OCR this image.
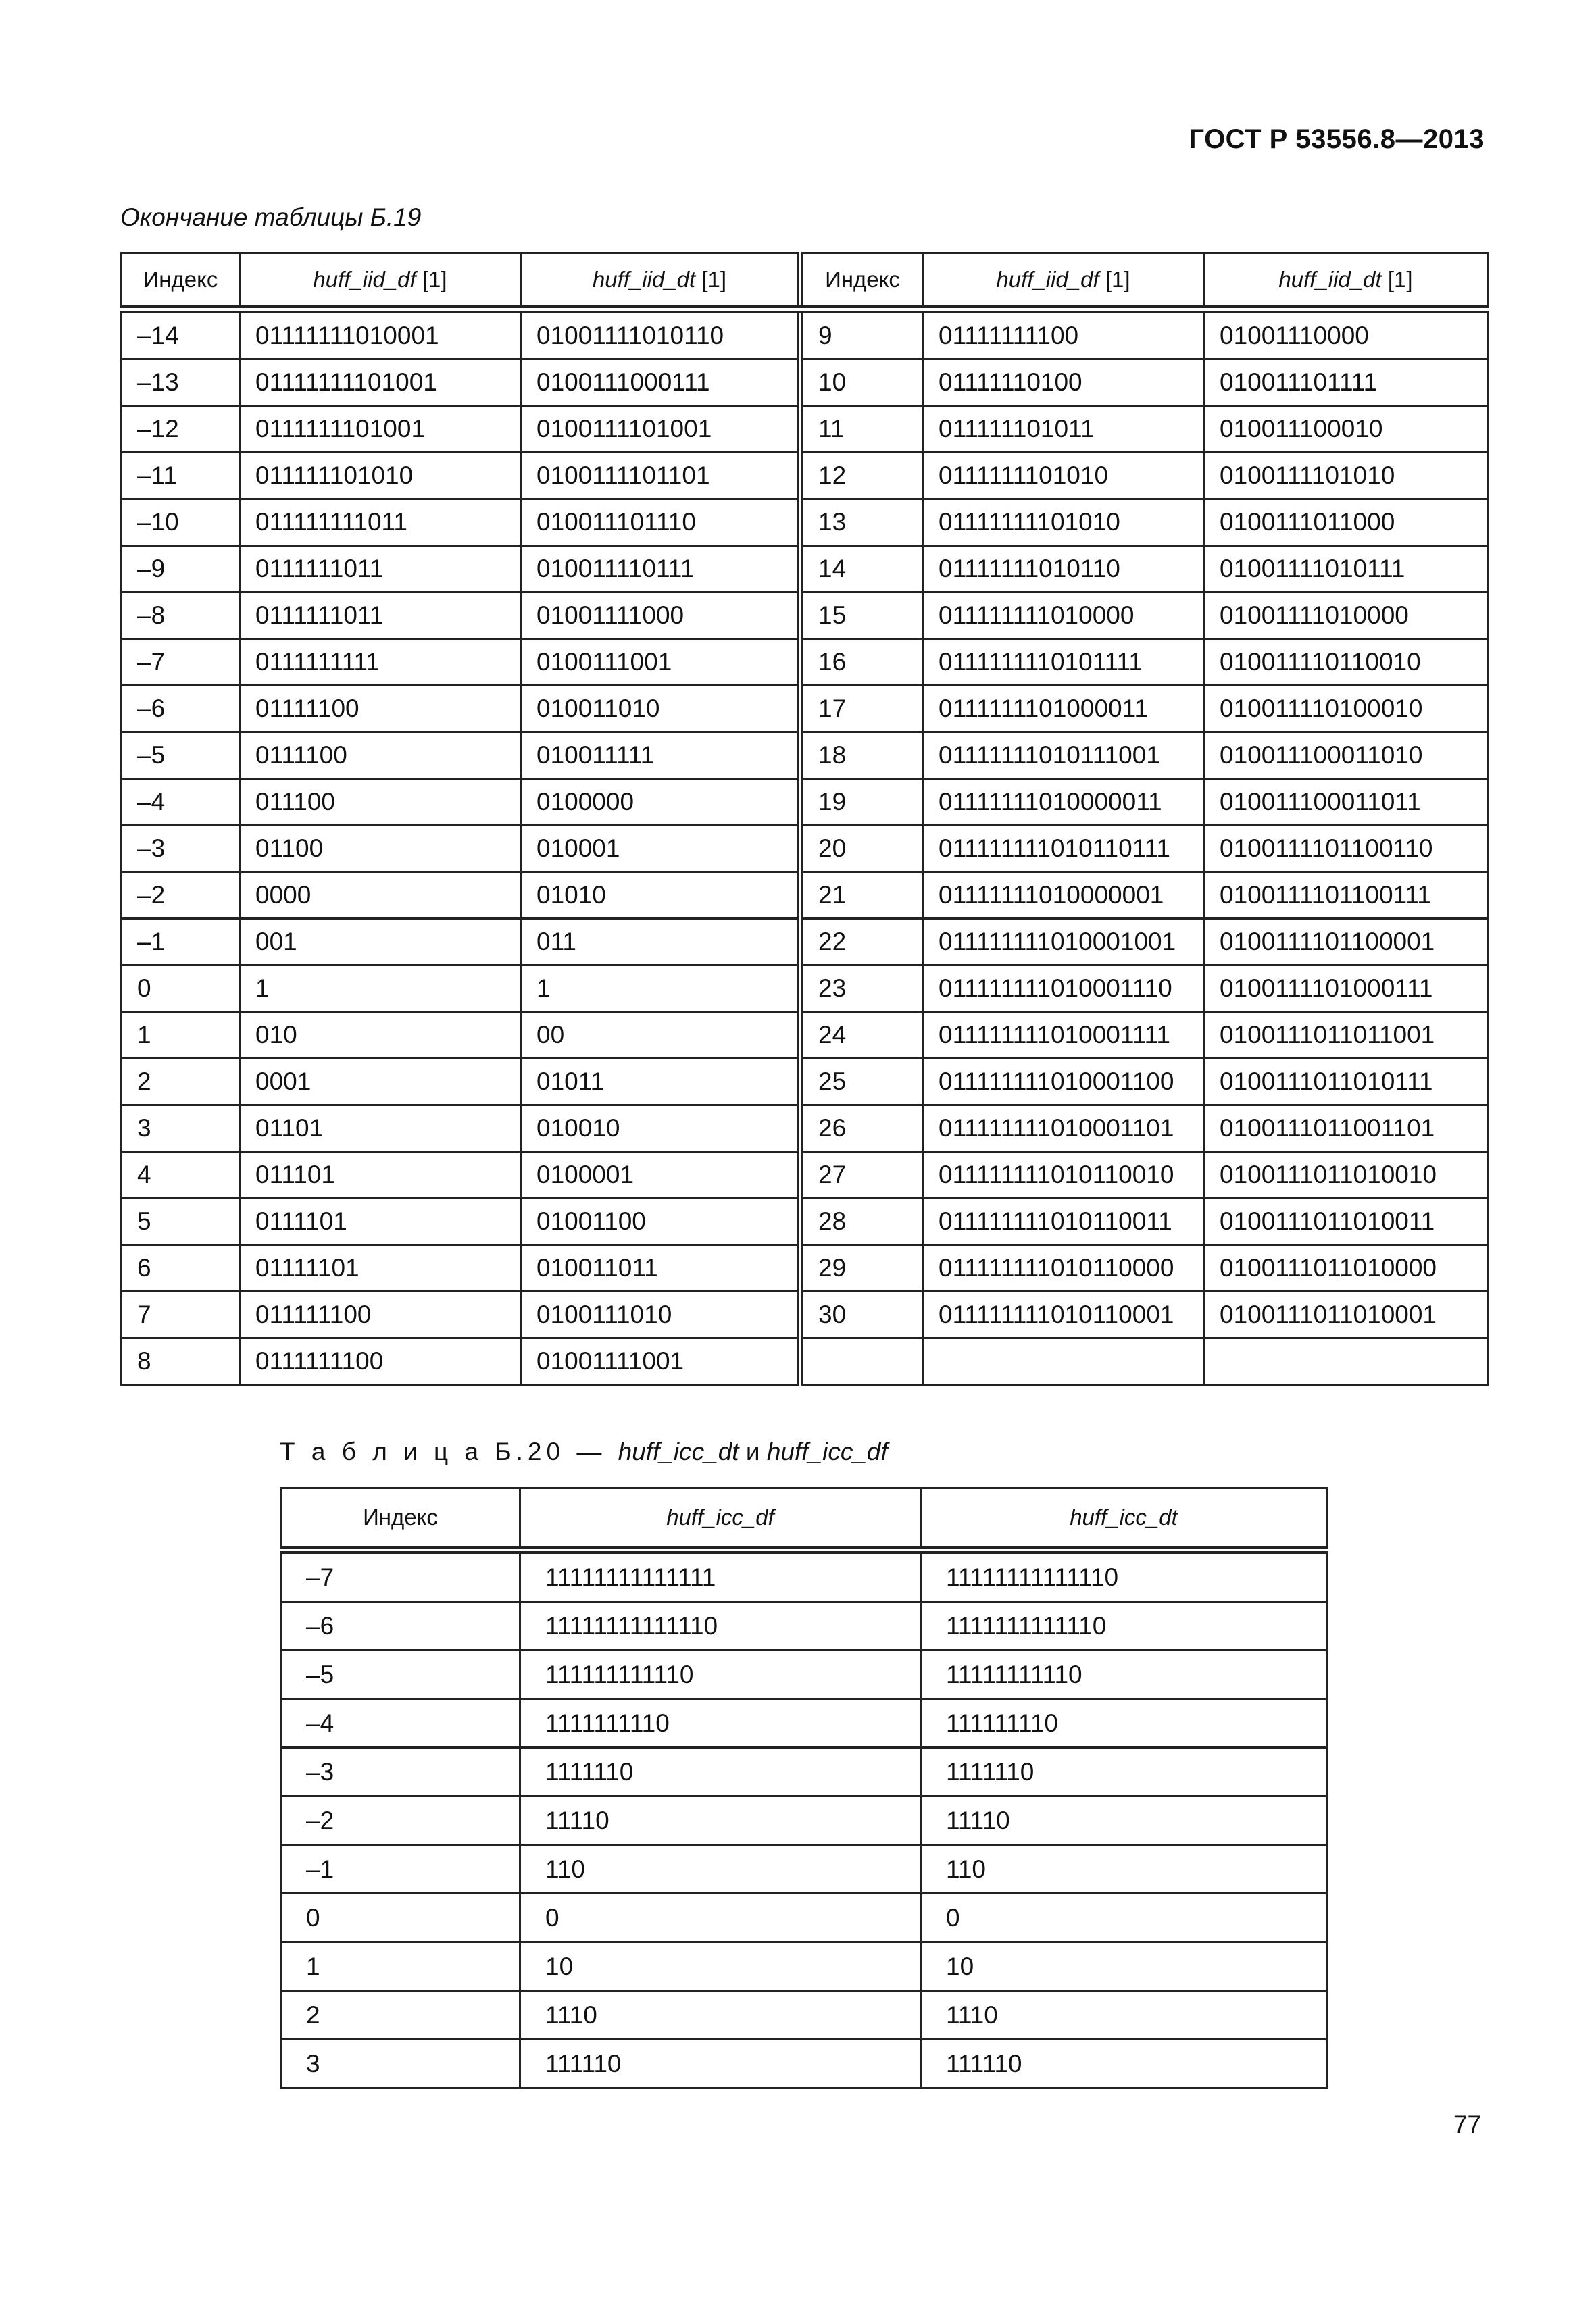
ГОСТ Р 53556.8—2013
Окончание таблицы Б.19
Индекс	huff_iid_df [1]	huff_iid_dt [1]	Индекс	huff_iid_df [1]	huff_iid_dt [1]
–14	01111111010001	01001111010110	9	01111111100	01001110000
–13	01111111101001	0100111000111	10	01111110100	010011101111
–12	0111111101001	0100111101001	11	011111101011	010011100010
–11	011111101010	0100111101101	12	0111111101010	0100111101010
–10	011111111011	010011101110	13	01111111101010	0100111011000
–9	0111111011	010011110111	14	01111111010110	01001111010111
–8	0111111011	01001111000	15	011111111010000	01001111010000
–7	0111111111	0100111001	16	0111111110101111	010011110110010
–6	01111100	010011010	17	0111111101000011	010011110100010
–5	0111100	010011111	18	01111111010111001	010011100011010
–4	011100	0100000	19	01111111010000011	010011100011011
–3	01100	010001	20	011111111010110111	0100111101100110
–2	0000	01010	21	01111111010000001	0100111101100111
–1	001	011	22	011111111010001001	0100111101100001
0	1	1	23	011111111010001110	0100111101000111
1	010	00	24	011111111010001111	0100111011011001
2	0001	01011	25	011111111010001100	0100111011010111
3	01101	010010	26	011111111010001101	0100111011001101
4	011101	0100001	27	011111111010110010	0100111011010010
5	0111101	01001100	28	011111111010110011	0100111011010011
6	01111101	010011011	29	011111111010110000	0100111011010000
7	011111100	0100111010	30	011111111010110001	0100111011010001
8	0111111100	01001111001			
Т а б л и ц а Б.20 — huff_icc_dt и huff_icc_df
Индекс	huff_icc_df	huff_icc_dt
–7	11111111111111	11111111111110
–6	11111111111110	1111111111110
–5	111111111110	11111111110
–4	1111111110	111111110
–3	1111110	1111110
–2	11110	11110
–1	110	110
0	0	0
1	10	10
2	1110	1110
3	111110	111110
77
